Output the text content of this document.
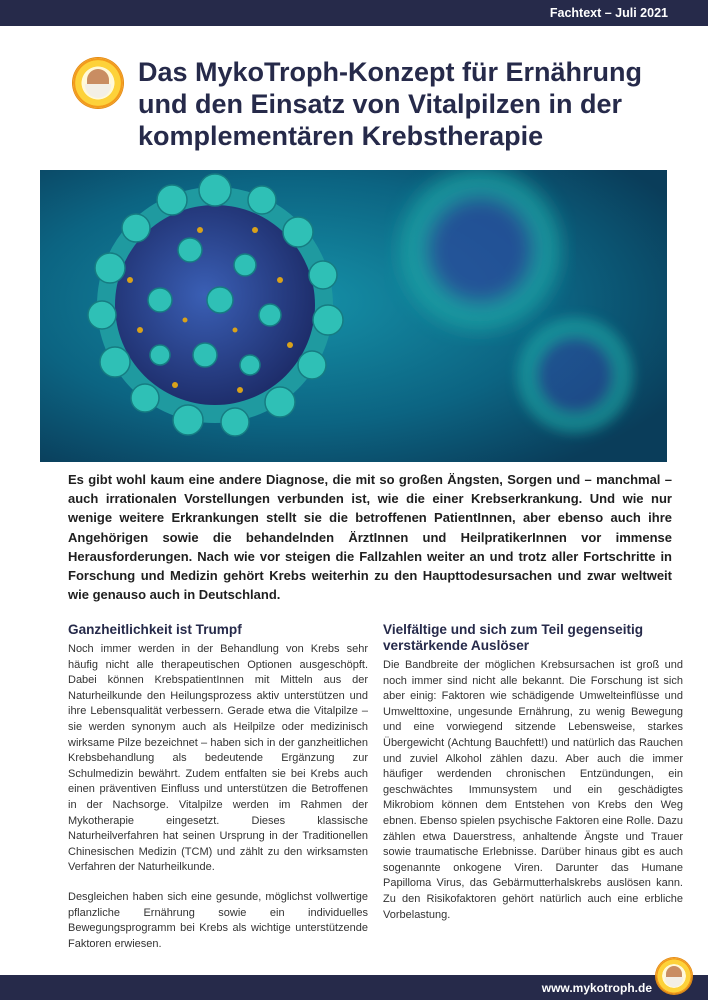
Fachtext – Juli 2021
Das MykoTroph-Konzept für Ernährung und den Einsatz von Vitalpilzen in der komplementären Krebstherapie

Es gibt wohl kaum eine andere Diagnose, die mit so großen Ängsten, Sorgen und – manchmal – auch irrationalen Vorstellungen verbunden ist, wie die einer Krebserkrankung. Und wie nur wenige weitere Erkrankungen stellt sie die betroffenen PatientInnen, aber ebenso auch ihre Angehörigen sowie die behandelnden ÄrztInnen und HeilpratikerInnen vor immense Herausforderungen. Nach wie vor steigen die Fallzahlen weiter an und trotz aller Fortschritte in Forschung und Medizin gehört Krebs weiterhin zu den Haupttodesursachen und zwar weltweit wie genauso auch in Deutschland.

Ganzheitlichkeit ist Trumpf

Noch immer werden in der Behandlung von Krebs sehr häufig nicht alle therapeutischen Optionen ausgeschöpft. Dabei können KrebspatientInnen mit Mitteln aus der Naturheilkunde den Heilungsprozess aktiv unterstützen und ihre Lebensqualität verbessern. Gerade etwa die Vitalpilze – sie werden synonym auch als Heilpilze oder medizinisch wirksame Pilze bezeichnet – haben sich in der ganzheitlichen Krebsbehandlung als bedeutende Ergänzung zur Schulmedizin bewährt. Zudem entfalten sie bei Krebs auch einen präventiven Einfluss und unterstützen die Betroffenen in der Nachsorge. Vitalpilze werden im Rahmen der Mykotherapie eingesetzt. Dieses klassische Naturheilverfahren hat seinen Ursprung in der Traditionellen Chinesischen Medizin (TCM) und zählt zu den wirksamsten Verfahren der Naturheilkunde.

Desgleichen haben sich eine gesunde, möglichst vollwertige pflanzliche Ernährung sowie ein individuelles Bewegungsprogramm bei Krebs als wichtige unterstützende Faktoren erwiesen.

Vielfältige und sich zum Teil gegenseitig verstärkende Auslöser

Die Bandbreite der möglichen Krebsursachen ist groß und noch immer sind nicht alle bekannt. Die Forschung ist sich aber einig: Faktoren wie schädigende Umwelteinflüsse und Umwelttoxine, ungesunde Ernährung, zu wenig Bewegung und eine vorwiegend sitzende Lebensweise, starkes Übergewicht (Achtung Bauchfett!) und natürlich das Rauchen und zuviel Alkohol zählen dazu. Aber auch die immer häufiger werdenden chronischen Entzündungen, ein geschwächtes Immunsystem und ein geschädigtes Mikrobiom können dem Entstehen von Krebs den Weg ebnen. Ebenso spielen psychische Faktoren eine Rolle. Dazu zählen etwa Dauerstress, anhaltende Ängste und Trauer sowie traumatische Erlebnisse. Darüber hinaus gibt es auch sogenannte onkogene Viren. Darunter das Humane Papilloma Virus, das Gebärmutterhalskrebs auslösen kann. Zu den Risikofaktoren gehört natürlich auch eine erbliche Vorbelastung.

www.mykotroph.de
